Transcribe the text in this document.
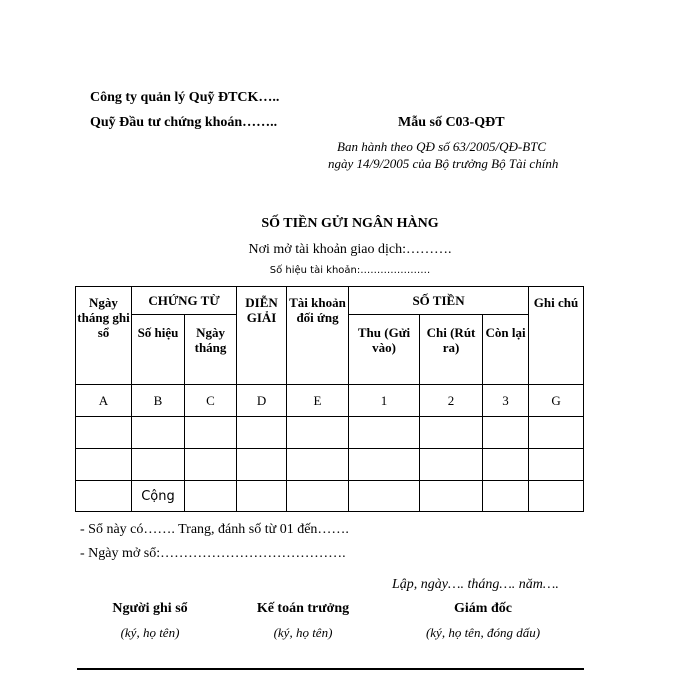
Công ty quản lý Quỹ ĐTCK…..
Quỹ Đầu tư chứng khoán……..	Mẫu số C03-QĐT
Ban hành theo QĐ số 63/2005/QĐ-BTC
ngày 14/9/2005 của Bộ trưởng Bộ Tài chính
SỐ TIỀN GỬI NGÂN HÀNG
Nơi mở tài khoản giao dịch:……….
Số hiệu tài khoản:…………………
Ngày tháng ghi sổ	CHỨNG TỪ		DIỄN GIẢI	Tài khoản đối ứng	SỐ TIỀN			Ghi chú
	Số hiệu	Ngày tháng			Thu (Gửi vào)	Chi (Rút ra)	Còn lại	
A	B	C	D	E	1	2	3	G

	Cộng							
- Sổ này có……. Trang, đánh số từ 01 đến…….
- Ngày mở sổ:………………………………….
Lập, ngày…. tháng…. năm….
Người ghi sổ
(ký, họ tên)
Kế toán trưởng
(ký, họ tên)
Giám đốc
(ký, họ tên, đóng dấu)
